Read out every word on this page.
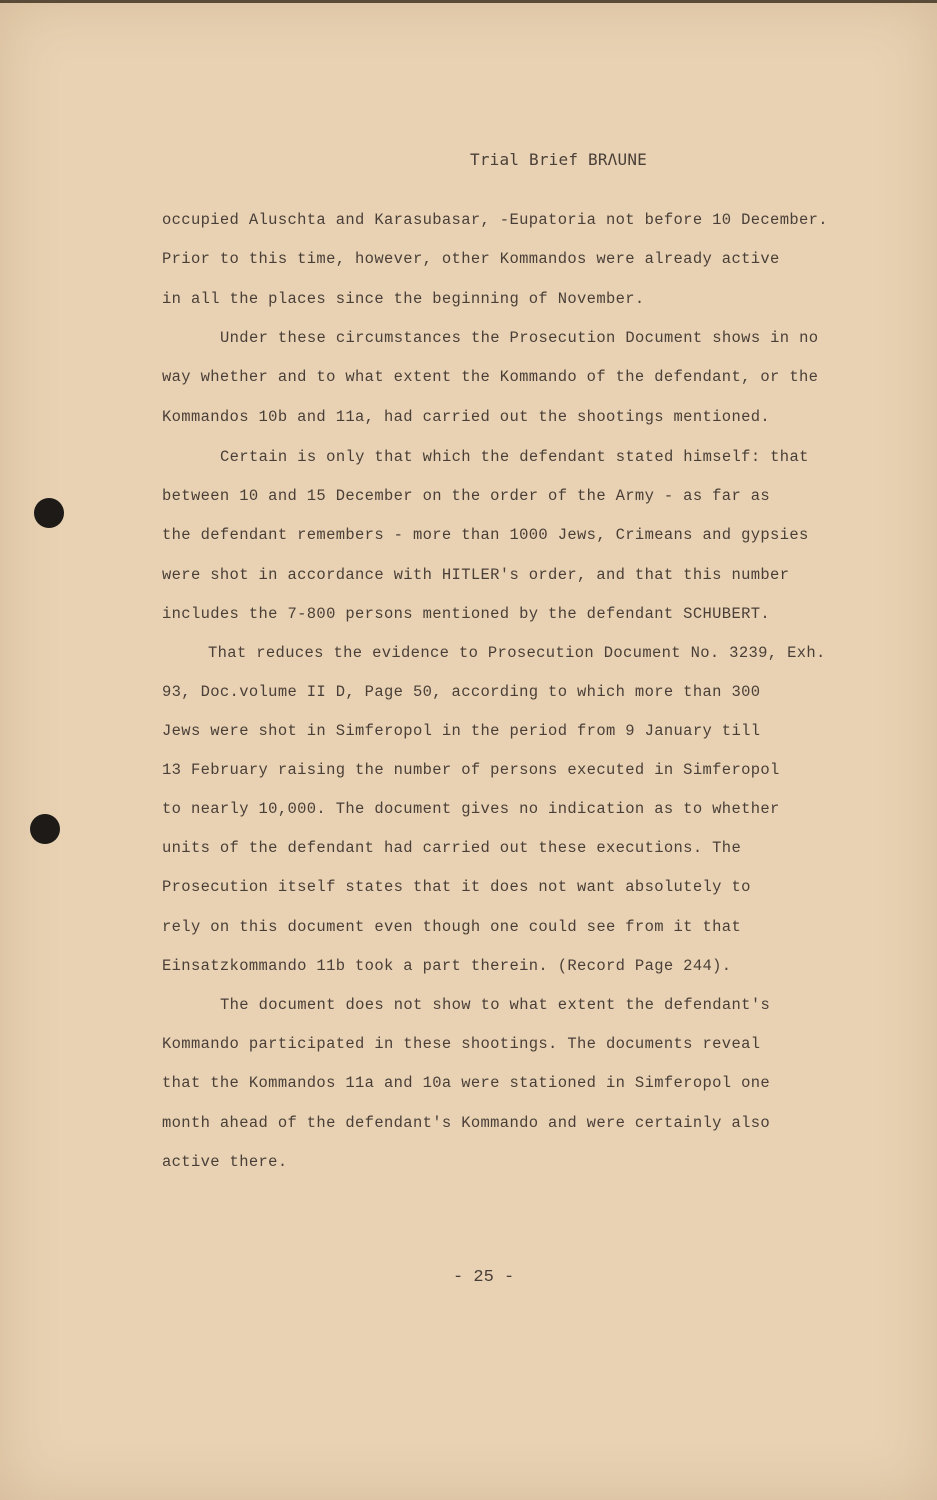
Trial Brief BRΛUNE

occupied Aluschta and Karasubasar, -Eupatoria not before 10 December.

Prior to this time, however, other Kommandos were already active

in all the places since the beginning of November.

Under these circumstances the Prosecution Document shows in no

way whether and to what extent the Kommando of the defendant, or the

Kommandos 10b and 11a, had carried out the shootings mentioned.

Certain is only that which the defendant stated himself: that

between 10 and 15 December on the order of the Army - as far as

the defendant remembers - more than 1000 Jews, Crimeans and gypsies

were shot in accordance with HITLER's order, and that this number

includes the 7-800 persons mentioned by the defendant SCHUBERT.

That reduces the evidence to Prosecution Document No. 3239, Exh.

93, Doc.volume II D, Page 50, according to which more than 300

Jews were shot in Simferopol in the period from 9 January till

13 February raising the number of persons executed in Simferopol

to nearly 10,000. The document gives no indication as to whether

units of the defendant had carried out these executions. The

Prosecution itself states that it does not want absolutely to

rely on this document even though one could see from it that

Einsatzkommando 11b took a part therein. (Record Page 244).

The document does not show to what extent the defendant's

Kommando participated in these shootings. The documents reveal

that the Kommandos 11a and 10a were stationed in Simferopol one

month ahead of the defendant's Kommando and were certainly also

active there.

- 25 -
